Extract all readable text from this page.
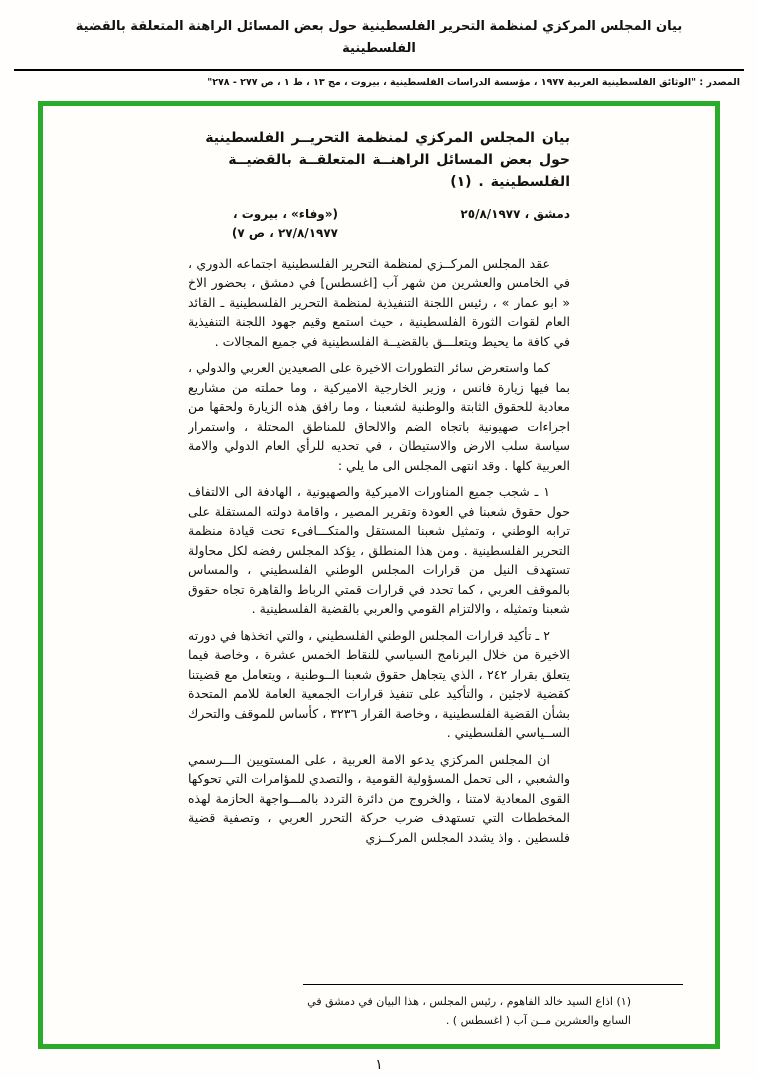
بيان المجلس المركزي لمنظمة التحرير الفلسطينية حول بعض المسائل الراهنة المتعلقة بالقضية الفلسطينية
المصدر : "الوثائق الفلسطينية العربية ١٩٧٧ ، مؤسسة الدراسات الفلسطينية ، بيروت ، مج ١٣ ، ط ١ ، ص ٢٧٧ - ٢٧٨"
بيان المجلس المركزي لمنظمة التحريــر الفلسطينية
حول بعض المسائل الراهنــة المتعلقــة بالقضيــة
الفلسطينية . (١)
دمشق ، ٢٥/٨/١٩٧٧
(«وفاء» ، بيروت ، ٢٧/٨/١٩٧٧ ، ص ٧)

عقد المجلس المركــزي لمنظمة التحرير الفلسطينية اجتماعه الدوري ، في الخامس والعشرين من شهر آب [اغسطس] في دمشق ، بحضور الاخ « ابو عمار » ، رئيس اللجنة التنفيذية لمنظمة التحرير الفلسطينية ـ القائد العام لقوات الثورة الفلسطينية ، حيث استمع وقيم جهود اللجنة التنفيذية في كافة ما يحيط ويتعلـــق بالقضيــة الفلسطينية في جميع المجالات .

كما واستعرض سائر التطورات الاخيرة على الصعيدين العربي والدولي ، بما فيها زيارة فانس ، وزير الخارجية الاميركية ، وما حملته من مشاريع معادية للحقوق الثابتة والوطنية لشعبنا ، وما رافق هذه الزيارة ولحقها من اجراءات صهيونية باتجاه الضم والالحاق للمناطق المحتلة ، واستمرار سياسة سلب الارض والاستيطان ، في تحديه للرأي العام الدولي والامة العربية كلها . وقد انتهى المجلس الى ما يلي :

١ ـ شجب جميع المناورات الاميركية والصهيونية ، الهادفة الى الالتفاف حول حقوق شعبنا في العودة وتقرير المصير ، واقامة دولته المستقلة على ترابه الوطني ، وتمثيل شعبنا المستقل والمتكـــافىء تحت قيادة منظمة التحرير الفلسطينية . ومن هذا المنطلق ، يؤكد المجلس رفضه لكل محاولة تستهدف النيل من قرارات المجلس الوطني الفلسطيني ، والمساس بالموقف العربي ، كما تحدد في قرارات قمتي الرباط والقاهرة تجاه حقوق شعبنا وتمثيله ، والالتزام القومي والعربي بالقضية الفلسطينية .

٢ ـ تأكيد قرارات المجلس الوطني الفلسطيني ، والتي اتخذها في دورته الاخيرة من خلال البرنامج السياسي للنقاط الخمس عشرة ، وخاصة فيما يتعلق بقرار ٢٤٢ ، الذي يتجاهل حقوق شعبنا الــوطنية ، ويتعامل مع قضيتنا كقضية لاجئين ، والتأكيد على تنفيذ قرارات الجمعية العامة للامم المتحدة بشأن القضية الفلسطينية ، وخاصة القرار ٣٢٣٦ ، كأساس للموقف والتحرك الســياسي الفلسطيني .

ان المجلس المركزي يدعو الامة العربية ، على المستويين الـــرسمي والشعبي ، الى تحمل المسؤولية القومية ، والتصدي للمؤامرات التي تحوكها القوى المعادية لامتنا ، والخروج من دائرة التردد بالمـــواجهة الحازمة لهذه المخططات التي تستهدف ضرب حركة التحرر العربي ، وتصفية قضية فلسطين . واذ يشدد المجلس المركــزي

(١) اذاع السيد خالد الفاهوم ، رئيس المجلس ، هذا البيان في دمشق في السابع والعشرين مــن آب ( اغسطس ) .
١
